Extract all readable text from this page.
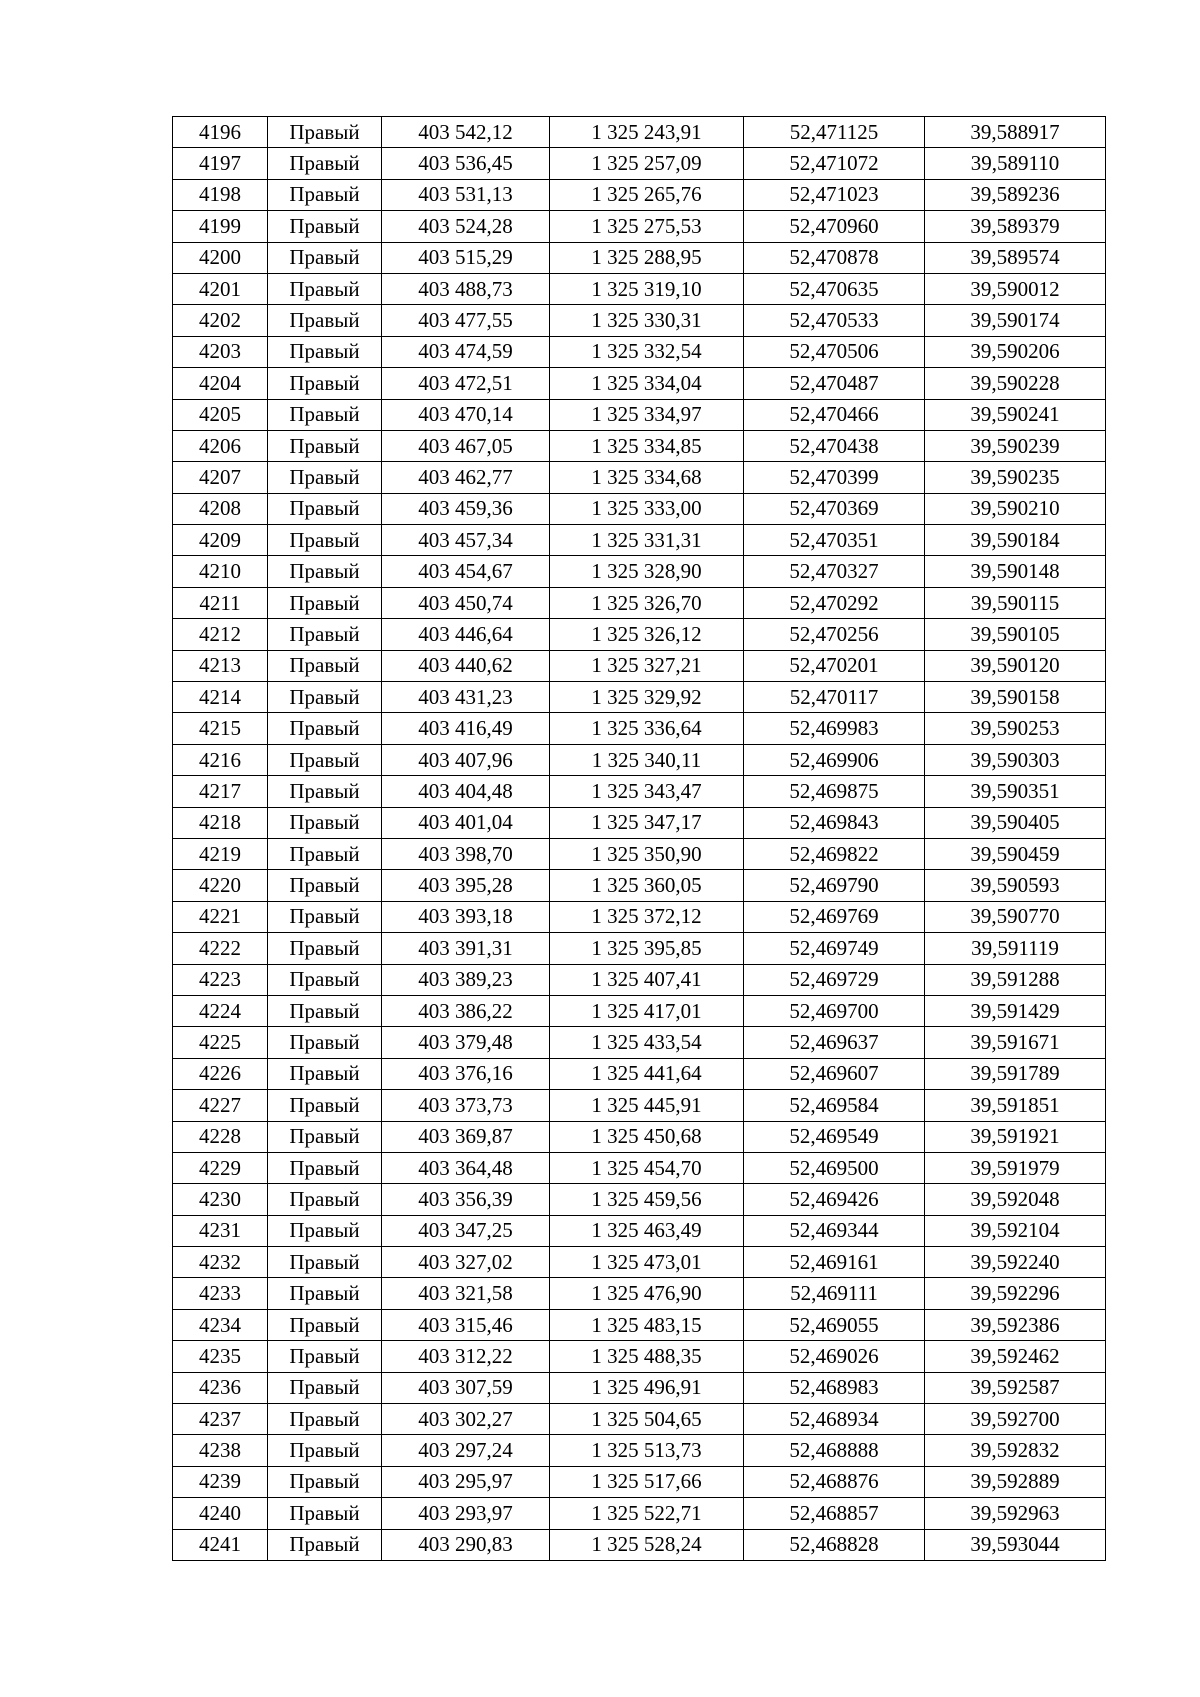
4196	Правый	403 542,12	1 325 243,91	52,471125	39,588917
4197	Правый	403 536,45	1 325 257,09	52,471072	39,589110
4198	Правый	403 531,13	1 325 265,76	52,471023	39,589236
4199	Правый	403 524,28	1 325 275,53	52,470960	39,589379
4200	Правый	403 515,29	1 325 288,95	52,470878	39,589574
4201	Правый	403 488,73	1 325 319,10	52,470635	39,590012
4202	Правый	403 477,55	1 325 330,31	52,470533	39,590174
4203	Правый	403 474,59	1 325 332,54	52,470506	39,590206
4204	Правый	403 472,51	1 325 334,04	52,470487	39,590228
4205	Правый	403 470,14	1 325 334,97	52,470466	39,590241
4206	Правый	403 467,05	1 325 334,85	52,470438	39,590239
4207	Правый	403 462,77	1 325 334,68	52,470399	39,590235
4208	Правый	403 459,36	1 325 333,00	52,470369	39,590210
4209	Правый	403 457,34	1 325 331,31	52,470351	39,590184
4210	Правый	403 454,67	1 325 328,90	52,470327	39,590148
4211	Правый	403 450,74	1 325 326,70	52,470292	39,590115
4212	Правый	403 446,64	1 325 326,12	52,470256	39,590105
4213	Правый	403 440,62	1 325 327,21	52,470201	39,590120
4214	Правый	403 431,23	1 325 329,92	52,470117	39,590158
4215	Правый	403 416,49	1 325 336,64	52,469983	39,590253
4216	Правый	403 407,96	1 325 340,11	52,469906	39,590303
4217	Правый	403 404,48	1 325 343,47	52,469875	39,590351
4218	Правый	403 401,04	1 325 347,17	52,469843	39,590405
4219	Правый	403 398,70	1 325 350,90	52,469822	39,590459
4220	Правый	403 395,28	1 325 360,05	52,469790	39,590593
4221	Правый	403 393,18	1 325 372,12	52,469769	39,590770
4222	Правый	403 391,31	1 325 395,85	52,469749	39,591119
4223	Правый	403 389,23	1 325 407,41	52,469729	39,591288
4224	Правый	403 386,22	1 325 417,01	52,469700	39,591429
4225	Правый	403 379,48	1 325 433,54	52,469637	39,591671
4226	Правый	403 376,16	1 325 441,64	52,469607	39,591789
4227	Правый	403 373,73	1 325 445,91	52,469584	39,591851
4228	Правый	403 369,87	1 325 450,68	52,469549	39,591921
4229	Правый	403 364,48	1 325 454,70	52,469500	39,591979
4230	Правый	403 356,39	1 325 459,56	52,469426	39,592048
4231	Правый	403 347,25	1 325 463,49	52,469344	39,592104
4232	Правый	403 327,02	1 325 473,01	52,469161	39,592240
4233	Правый	403 321,58	1 325 476,90	52,469111	39,592296
4234	Правый	403 315,46	1 325 483,15	52,469055	39,592386
4235	Правый	403 312,22	1 325 488,35	52,469026	39,592462
4236	Правый	403 307,59	1 325 496,91	52,468983	39,592587
4237	Правый	403 302,27	1 325 504,65	52,468934	39,592700
4238	Правый	403 297,24	1 325 513,73	52,468888	39,592832
4239	Правый	403 295,97	1 325 517,66	52,468876	39,592889
4240	Правый	403 293,97	1 325 522,71	52,468857	39,592963
4241	Правый	403 290,83	1 325 528,24	52,468828	39,593044
